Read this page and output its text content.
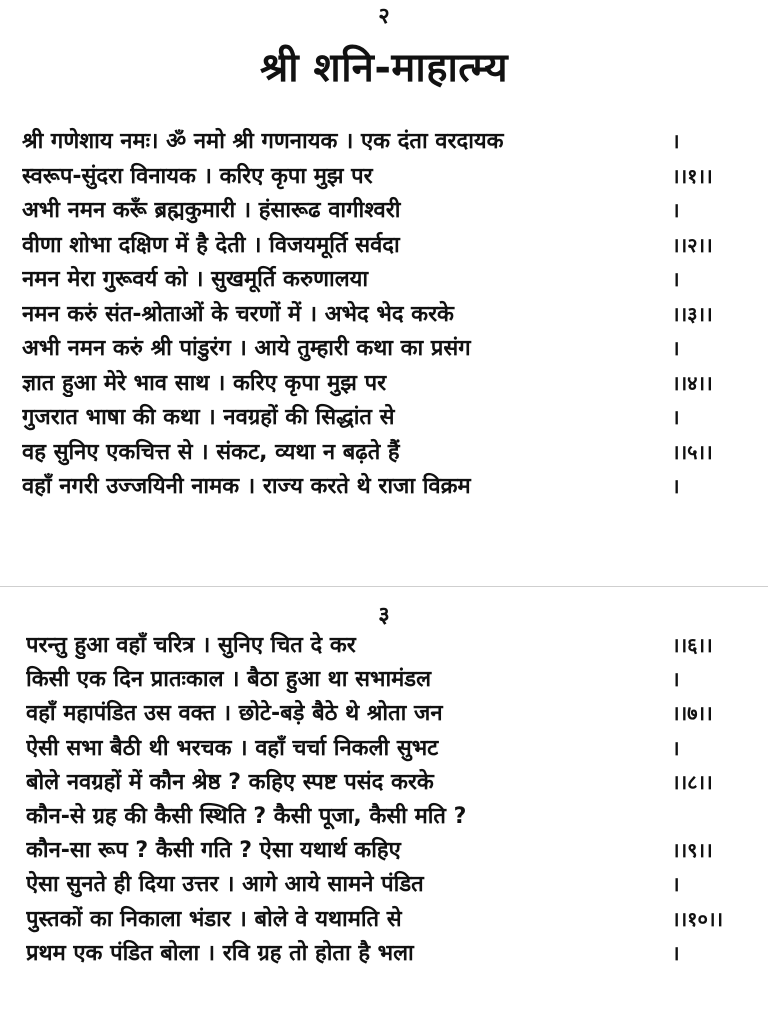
२
श्री शनि-माहात्म्य
श्री गणेशाय नमः। ॐ नमो श्री गणनायक । एक दंता वरदायक	।
स्वरूप-सुंदरा विनायक । करिए कृपा मुझ पर	।।१।।
अभी नमन करूँ ब्रह्मकुमारी । हंसारूढ वागीश्वरी	।
वीणा शोभा दक्षिण में है देती । विजयमूर्ति सर्वदा	।।२।।
नमन मेरा गुरूवर्य को । सुखमूर्ति करुणालया	।
नमन करुं संत-श्रोताओं के चरणों में । अभेद भेद करके	।।३।।
अभी नमन करुं श्री पांडुरंग । आये तुम्हारी कथा का प्रसंग	।
ज्ञात हुआ मेरे भाव साथ । करिए कृपा मुझ पर	।।४।।
गुजरात भाषा की कथा । नवग्रहों की सिद्धांत से	।
वह सुनिए एकचित्त से । संकट, व्यथा न बढ़ते हैं	।।५।।
वहाँ नगरी उज्जयिनी नामक । राज्य करते थे राजा विक्रम	।
३
परन्तु हुआ वहाँ चरित्र । सुनिए चित दे कर	।।६।।
किसी एक दिन प्रातःकाल । बैठा हुआ था सभामंडल	।
वहाँ महापंडित उस वक्त । छोटे-बड़े बैठे थे श्रोता जन	।।७।।
ऐसी सभा बैठी थी भरचक । वहाँ चर्चा निकली सुभट	।
बोले नवग्रहों में कौन श्रेष्ठ ? कहिए स्पष्ट पसंद करके	।।८।।
कौन-से ग्रह की कैसी स्थिति ? कैसी पूजा, कैसी मति ?
कौन-सा रूप ? कैसी गति ? ऐसा यथार्थ कहिए	।।९।।
ऐसा सुनते ही दिया उत्तर । आगे आये सामने पंडित	।
पुस्तकों का निकाला भंडार । बोले वे यथामति से	।।१०।।
प्रथम एक पंडित बोला । रवि ग्रह तो होता है भला	।
